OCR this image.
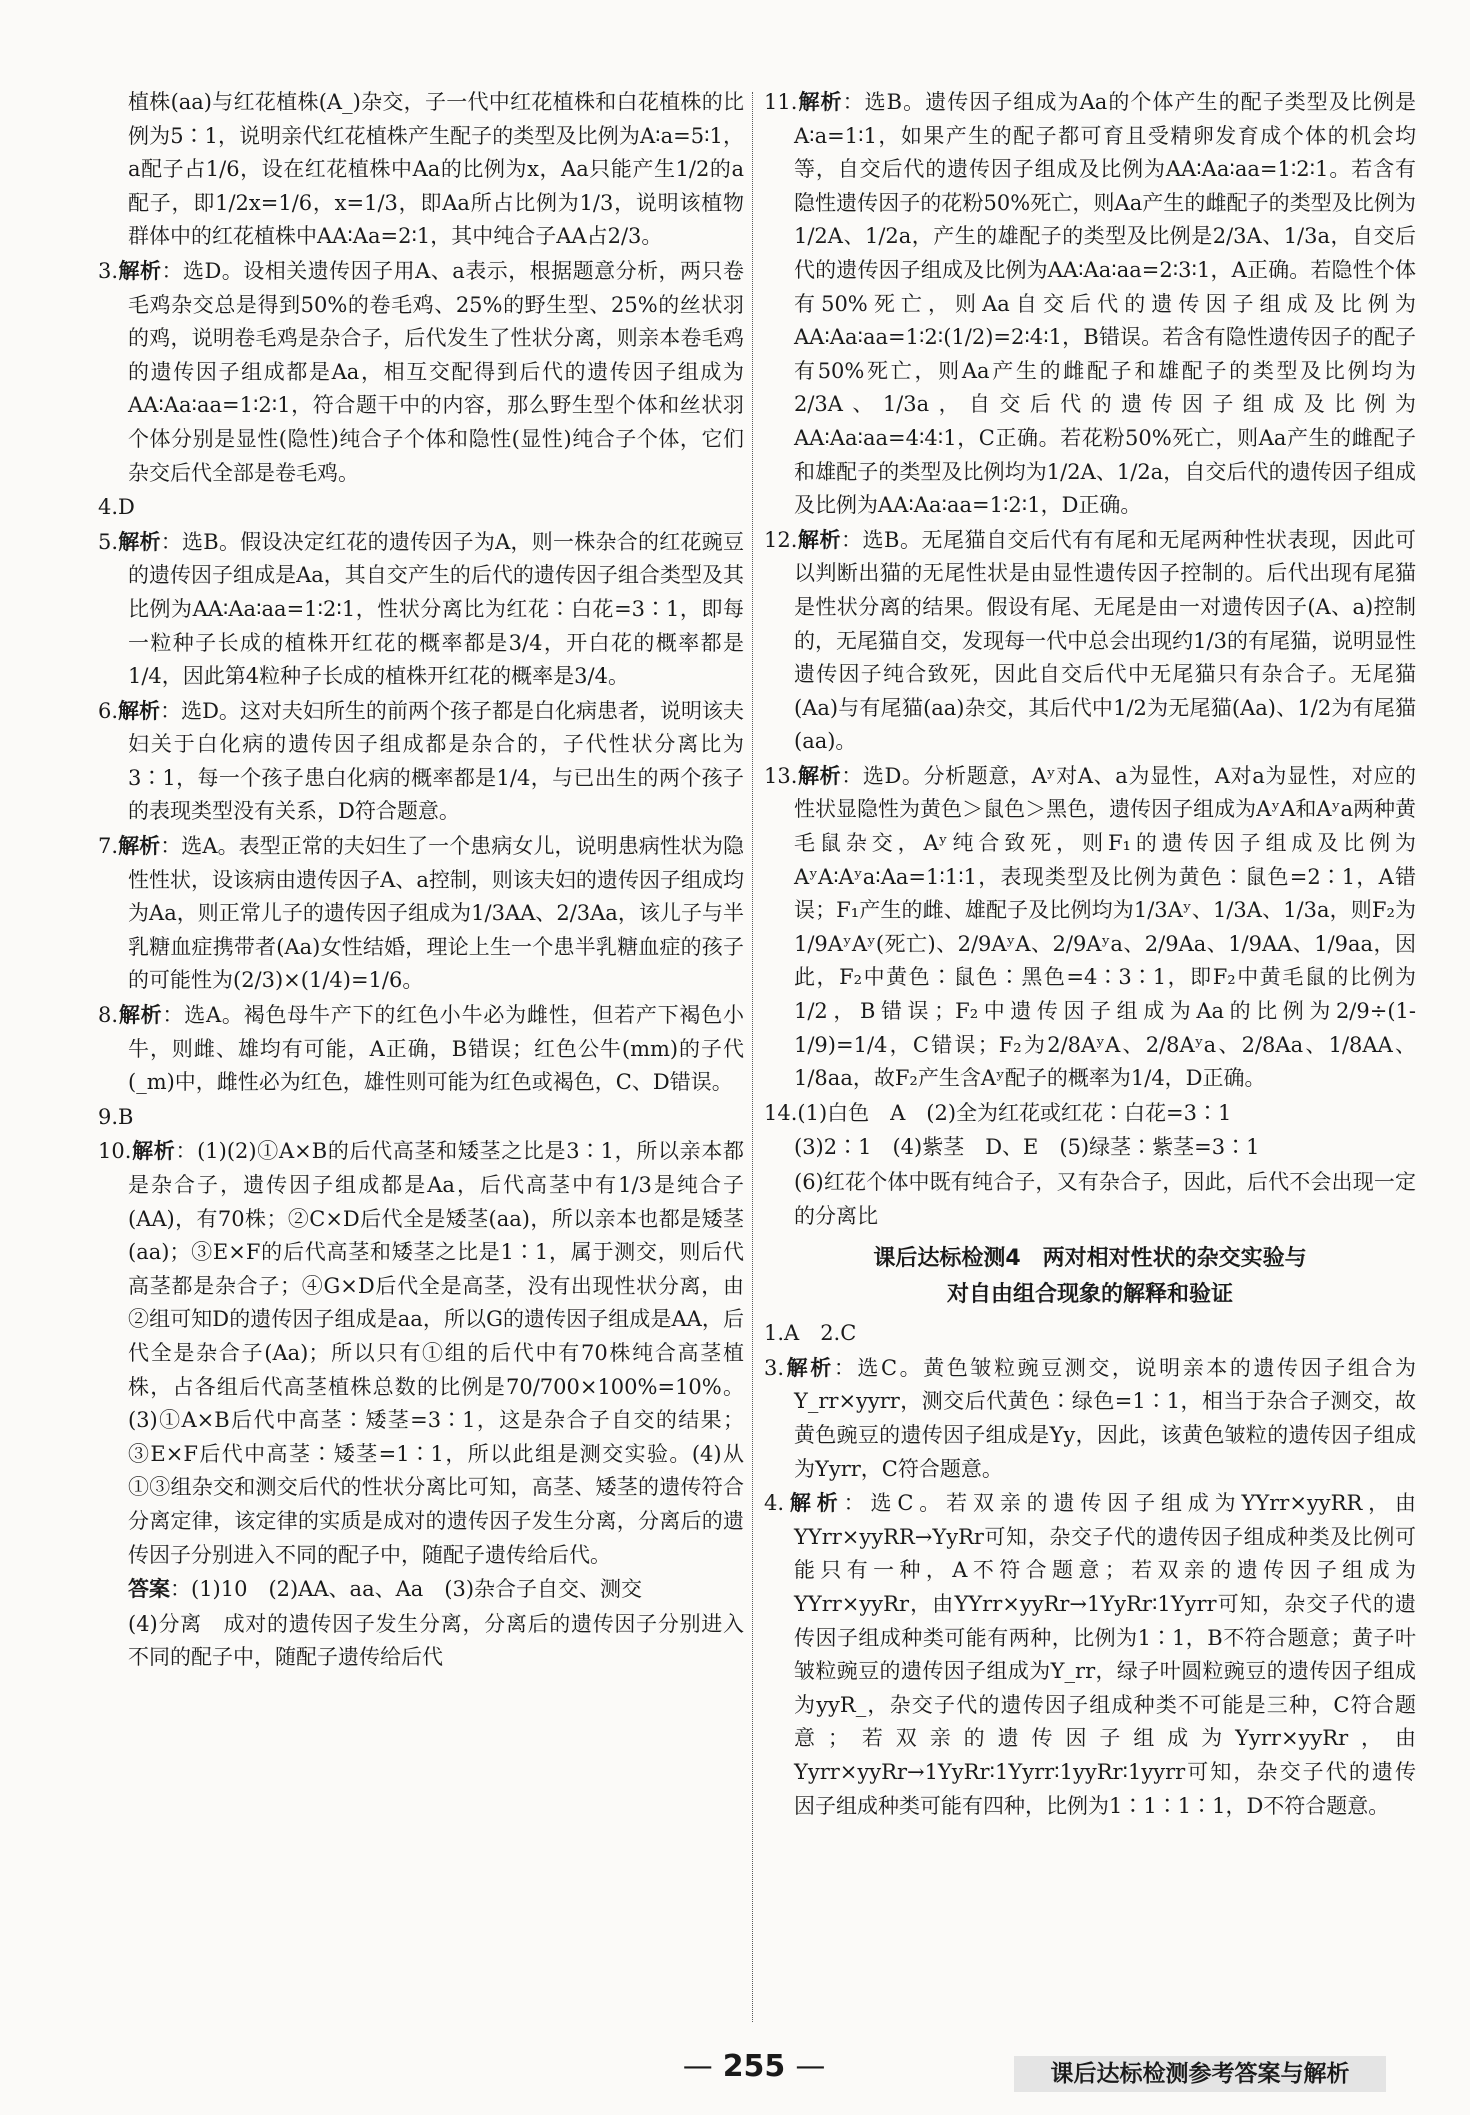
植株(aa)与红花植株(A_)杂交，子一代中红花植株和白花植株的比例为5∶1，说明亲代红花植株产生配子的类型及比例为A∶a=5∶1，a配子占1/6，设在红花植株中Aa的比例为x，Aa只能产生1/2的a配子，即1/2x=1/6，x=1/3，即Aa所占比例为1/3，说明该植物群体中的红花植株中AA∶Aa=2∶1，其中纯合子AA占2/3。

3.解析：选D。设相关遗传因子用A、a表示，根据题意分析，两只卷毛鸡杂交总是得到50%的卷毛鸡、25%的野生型、25%的丝状羽的鸡，说明卷毛鸡是杂合子，后代发生了性状分离，则亲本卷毛鸡的遗传因子组成都是Aa，相互交配得到后代的遗传因子组成为AA∶Aa∶aa=1∶2∶1，符合题干中的内容，那么野生型个体和丝状羽个体分别是显性(隐性)纯合子个体和隐性(显性)纯合子个体，它们杂交后代全部是卷毛鸡。

4.D

5.解析：选B。假设决定红花的遗传因子为A，则一株杂合的红花豌豆的遗传因子组成是Aa，其自交产生的后代的遗传因子组合类型及其比例为AA∶Aa∶aa=1∶2∶1，性状分离比为红花∶白花=3∶1，即每一粒种子长成的植株开红花的概率都是3/4，开白花的概率都是1/4，因此第4粒种子长成的植株开红花的概率是3/4。

6.解析：选D。这对夫妇所生的前两个孩子都是白化病患者，说明该夫妇关于白化病的遗传因子组成都是杂合的，子代性状分离比为3∶1，每一个孩子患白化病的概率都是1/4，与已出生的两个孩子的表现类型没有关系，D符合题意。

7.解析：选A。表型正常的夫妇生了一个患病女儿，说明患病性状为隐性性状，设该病由遗传因子A、a控制，则该夫妇的遗传因子组成均为Aa，则正常儿子的遗传因子组成为1/3AA、2/3Aa，该儿子与半乳糖血症携带者(Aa)女性结婚，理论上生一个患半乳糖血症的孩子的可能性为(2/3)×(1/4)=1/6。

8.解析：选A。褐色母牛产下的红色小牛必为雌性，但若产下褐色小牛，则雌、雄均有可能，A正确，B错误；红色公牛(mm)的子代(_m)中，雌性必为红色，雄性则可能为红色或褐色，C、D错误。

9.B

10.解析：(1)(2)①A×B的后代高茎和矮茎之比是3∶1，所以亲本都是杂合子，遗传因子组成都是Aa，后代高茎中有1/3是纯合子(AA)，有70株；②C×D后代全是矮茎(aa)，所以亲本也都是矮茎(aa)；③E×F的后代高茎和矮茎之比是1∶1，属于测交，则后代高茎都是杂合子；④G×D后代全是高茎，没有出现性状分离，由②组可知D的遗传因子组成是aa，所以G的遗传因子组成是AA，后代全是杂合子(Aa)；所以只有①组的后代中有70株纯合高茎植株，占各组后代高茎植株总数的比例是70/700×100%=10%。(3)①A×B后代中高茎∶矮茎=3∶1，这是杂合子自交的结果；③E×F后代中高茎∶矮茎=1∶1，所以此组是测交实验。(4)从①③组杂交和测交后代的性状分离比可知，高茎、矮茎的遗传符合分离定律，该定律的实质是成对的遗传因子发生分离，分离后的遗传因子分别进入不同的配子中，随配子遗传给后代。

答案：(1)10　(2)AA、aa、Aa　(3)杂合子自交、测交

(4)分离　成对的遗传因子发生分离，分离后的遗传因子分别进入不同的配子中，随配子遗传给后代

11.解析：选B。遗传因子组成为Aa的个体产生的配子类型及比例是A∶a=1∶1，如果产生的配子都可育且受精卵发育成个体的机会均等，自交后代的遗传因子组成及比例为AA∶Aa∶aa=1∶2∶1。若含有隐性遗传因子的花粉50%死亡，则Aa产生的雌配子的类型及比例为1/2A、1/2a，产生的雄配子的类型及比例是2/3A、1/3a，自交后代的遗传因子组成及比例为AA∶Aa∶aa=2∶3∶1，A正确。若隐性个体有50%死亡，则Aa自交后代的遗传因子组成及比例为AA∶Aa∶aa=1∶2∶(1/2)=2∶4∶1，B错误。若含有隐性遗传因子的配子有50%死亡，则Aa产生的雌配子和雄配子的类型及比例均为2/3A、1/3a，自交后代的遗传因子组成及比例为AA∶Aa∶aa=4∶4∶1，C正确。若花粉50%死亡，则Aa产生的雌配子和雄配子的类型及比例均为1/2A、1/2a，自交后代的遗传因子组成及比例为AA∶Aa∶aa=1∶2∶1，D正确。

12.解析：选B。无尾猫自交后代有有尾和无尾两种性状表现，因此可以判断出猫的无尾性状是由显性遗传因子控制的。后代出现有尾猫是性状分离的结果。假设有尾、无尾是由一对遗传因子(A、a)控制的，无尾猫自交，发现每一代中总会出现约1/3的有尾猫，说明显性遗传因子纯合致死，因此自交后代中无尾猫只有杂合子。无尾猫(Aa)与有尾猫(aa)杂交，其后代中1/2为无尾猫(Aa)、1/2为有尾猫(aa)。

13.解析：选D。分析题意，Aʸ对A、a为显性，A对a为显性，对应的性状显隐性为黄色＞鼠色＞黑色，遗传因子组成为AʸA和Aʸa两种黄毛鼠杂交，Aʸ纯合致死，则F₁的遗传因子组成及比例为AʸA∶Aʸa∶Aa=1∶1∶1，表现类型及比例为黄色∶鼠色=2∶1，A错误；F₁产生的雌、雄配子及比例均为1/3Aʸ、1/3A、1/3a，则F₂为1/9AʸAʸ(死亡)、2/9AʸA、2/9Aʸa、2/9Aa、1/9AA、1/9aa，因此，F₂中黄色∶鼠色∶黑色=4∶3∶1，即F₂中黄毛鼠的比例为1/2，B错误；F₂中遗传因子组成为Aa的比例为2/9÷(1-1/9)=1/4，C错误；F₂为2/8AʸA、2/8Aʸa、2/8Aa、1/8AA、1/8aa，故F₂产生含Aʸ配子的概率为1/4，D正确。

14.(1)白色　A　(2)全为红花或红花∶白花=3∶1

(3)2∶1　(4)紫茎　D、E　(5)绿茎∶紫茎=3∶1

(6)红花个体中既有纯合子，又有杂合子，因此，后代不会出现一定的分离比

课后达标检测4　两对相对性状的杂交实验与
对自由组合现象的解释和验证

1.A　2.C

3.解析：选C。黄色皱粒豌豆测交，说明亲本的遗传因子组合为Y_rr×yyrr，测交后代黄色∶绿色=1∶1，相当于杂合子测交，故黄色豌豆的遗传因子组成是Yy，因此，该黄色皱粒的遗传因子组成为Yyrr，C符合题意。

4.解析：选C。若双亲的遗传因子组成为YYrr×yyRR，由YYrr×yyRR→YyRr可知，杂交子代的遗传因子组成种类及比例可能只有一种，A不符合题意；若双亲的遗传因子组成为YYrr×yyRr，由YYrr×yyRr→1YyRr∶1Yyrr可知，杂交子代的遗传因子组成种类可能有两种，比例为1∶1，B不符合题意；黄子叶皱粒豌豆的遗传因子组成为Y_rr，绿子叶圆粒豌豆的遗传因子组成为yyR_，杂交子代的遗传因子组成种类不可能是三种，C符合题意；若双亲的遗传因子组成为Yyrr×yyRr，由Yyrr×yyRr→1YyRr∶1Yyrr∶1yyRr∶1yyrr可知，杂交子代的遗传因子组成种类可能有四种，比例为1∶1∶1∶1，D不符合题意。

— 255 —	课后达标检测参考答案与解析
